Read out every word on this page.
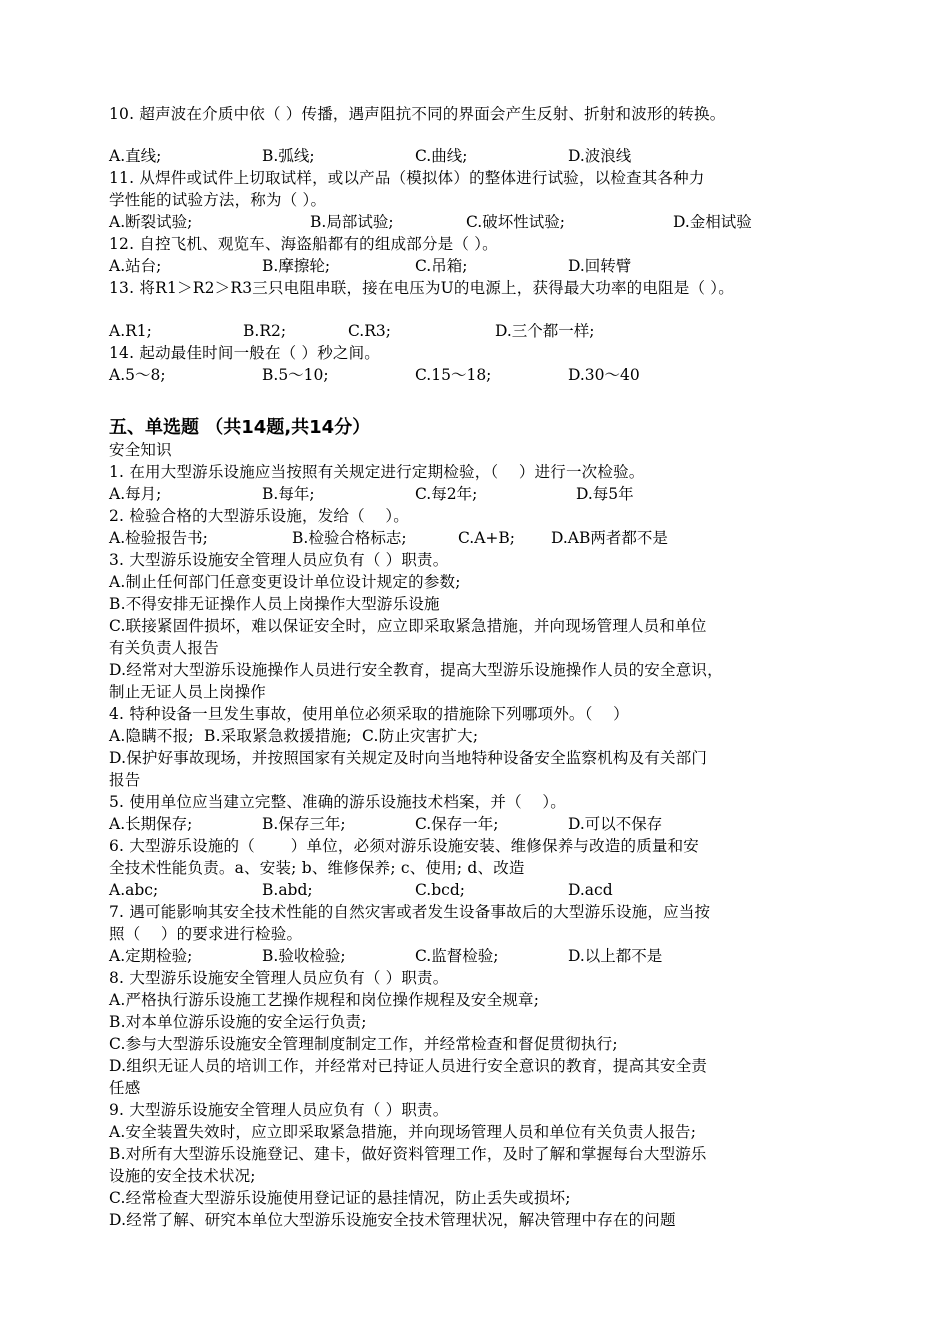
10. 超声波在介质中依（ ）传播，遇声阻抗不同的界面会产生反射、折射和波形的转换。
A.直线;	B.弧线;	C.曲线;	D.波浪线
11. 从焊件或试件上切取试样，或以产品（模拟体）的整体进行试验，以检查其各种力
学性能的试验方法，称为（ ）。
A.断裂试验;	B.局部试验;	C.破坏性试验;	D.金相试验
12. 自控飞机、观览车、海盗船都有的组成部分是（ ）。
A.站台;	B.摩擦轮;	C.吊箱;	D.回转臂
13. 将R1＞R2＞R3三只电阻串联，接在电压为U的电源上，获得最大功率的电阻是（ ）。
A.R1;	B.R2;	C.R3;	D.三个都一样;
14. 起动最佳时间一般在（ ）秒之间。
A.5～8;	B.5～10;	C.15～18;	D.30～40
五、单选题 （共14题,共14分）
安全知识
1. 在用大型游乐设施应当按照有关规定进行定期检验，（    ）进行一次检验。
A.每月;	B.每年;	C.每2年;	D.每5年
2. 检验合格的大型游乐设施，发给（    ）。
A.检验报告书;	B.检验合格标志;	C.A+B; D.AB两者都不是
3. 大型游乐设施安全管理人员应负有（ ）职责。
A.制止任何部门任意变更设计单位设计规定的参数;
B.不得安排无证操作人员上岗操作大型游乐设施
C.联接紧固件损坏，难以保证安全时，应立即采取紧急措施，并向现场管理人员和单位
有关负责人报告
D.经常对大型游乐设施操作人员进行安全教育，提高大型游乐设施操作人员的安全意识，
制止无证人员上岗操作
4. 特种设备一旦发生事故，使用单位必须采取的措施除下列哪项外。（    ）
A.隐瞒不报;  B.采取紧急救援措施;  C.防止灾害扩大;
D.保护好事故现场，并按照国家有关规定及时向当地特种设备安全监察机构及有关部门
报告
5. 使用单位应当建立完整、准确的游乐设施技术档案，并（    ）。
A.长期保存;	B.保存三年;	C.保存一年;	D.可以不保存
6. 大型游乐设施的（       ）单位，必须对游乐设施安装、维修保养与改造的质量和安
全技术性能负责。a、安装; b、维修保养; c、使用; d、改造
A.abc;	B.abd;	C.bcd;	D.acd
7. 遇可能影响其安全技术性能的自然灾害或者发生设备事故后的大型游乐设施，应当按
照（    ）的要求进行检验。
A.定期检验;	B.验收检验;	C.监督检验;	D.以上都不是
8. 大型游乐设施安全管理人员应负有（ ）职责。
A.严格执行游乐设施工艺操作规程和岗位操作规程及安全规章;
B.对本单位游乐设施的安全运行负责;
C.参与大型游乐设施安全管理制度制定工作，并经常检查和督促贯彻执行;
D.组织无证人员的培训工作，并经常对已持证人员进行安全意识的教育，提高其安全责
任感
9. 大型游乐设施安全管理人员应负有（ ）职责。
A.安全装置失效时，应立即采取紧急措施，并向现场管理人员和单位有关负责人报告;
B.对所有大型游乐设施登记、建卡，做好资料管理工作，及时了解和掌握每台大型游乐
设施的安全技术状况;
C.经常检查大型游乐设施使用登记证的悬挂情况，防止丢失或损坏;
D.经常了解、研究本单位大型游乐设施安全技术管理状况，解决管理中存在的问题
